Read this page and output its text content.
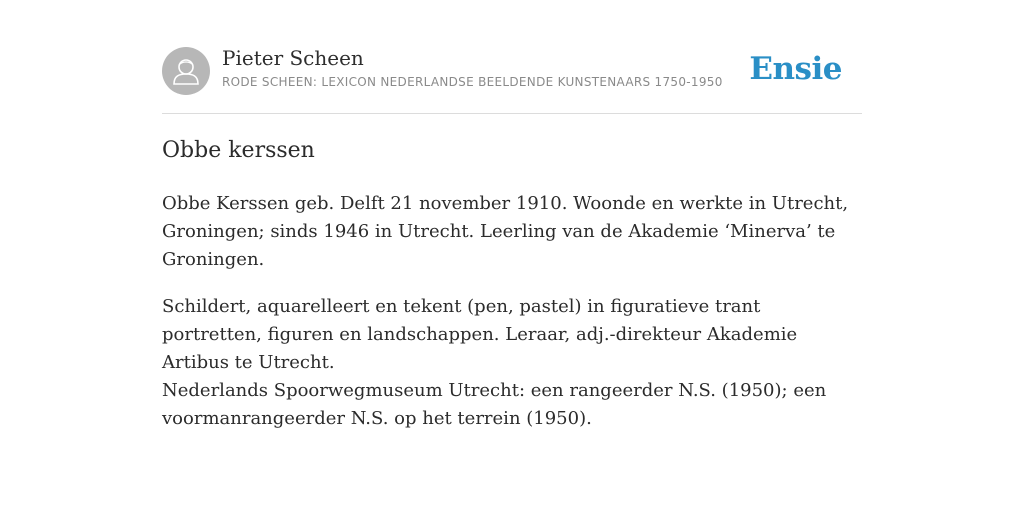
Pieter Scheen
RODE SCHEEN: LEXICON NEDERLANDSE BEELDENDE KUNSTENAARS 1750-1950 Ensie
Obbe kerssen

Obbe Kerssen geb. Delft 21 november 1910. Woonde en werkte in Utrecht, Groningen; sinds 1946 in Utrecht. Leerling van de Akademie ‘Minerva’ te Groningen.

Schildert, aquarelleert en tekent (pen, pastel) in figuratieve trant portretten, figuren en landschappen. Leraar, adj.-direkteur Akademie Artibus te Utrecht.

Nederlands Spoorwegmuseum Utrecht: een rangeerder N.S. (1950); een voormanrangeerder N.S. op het terrein (1950).
